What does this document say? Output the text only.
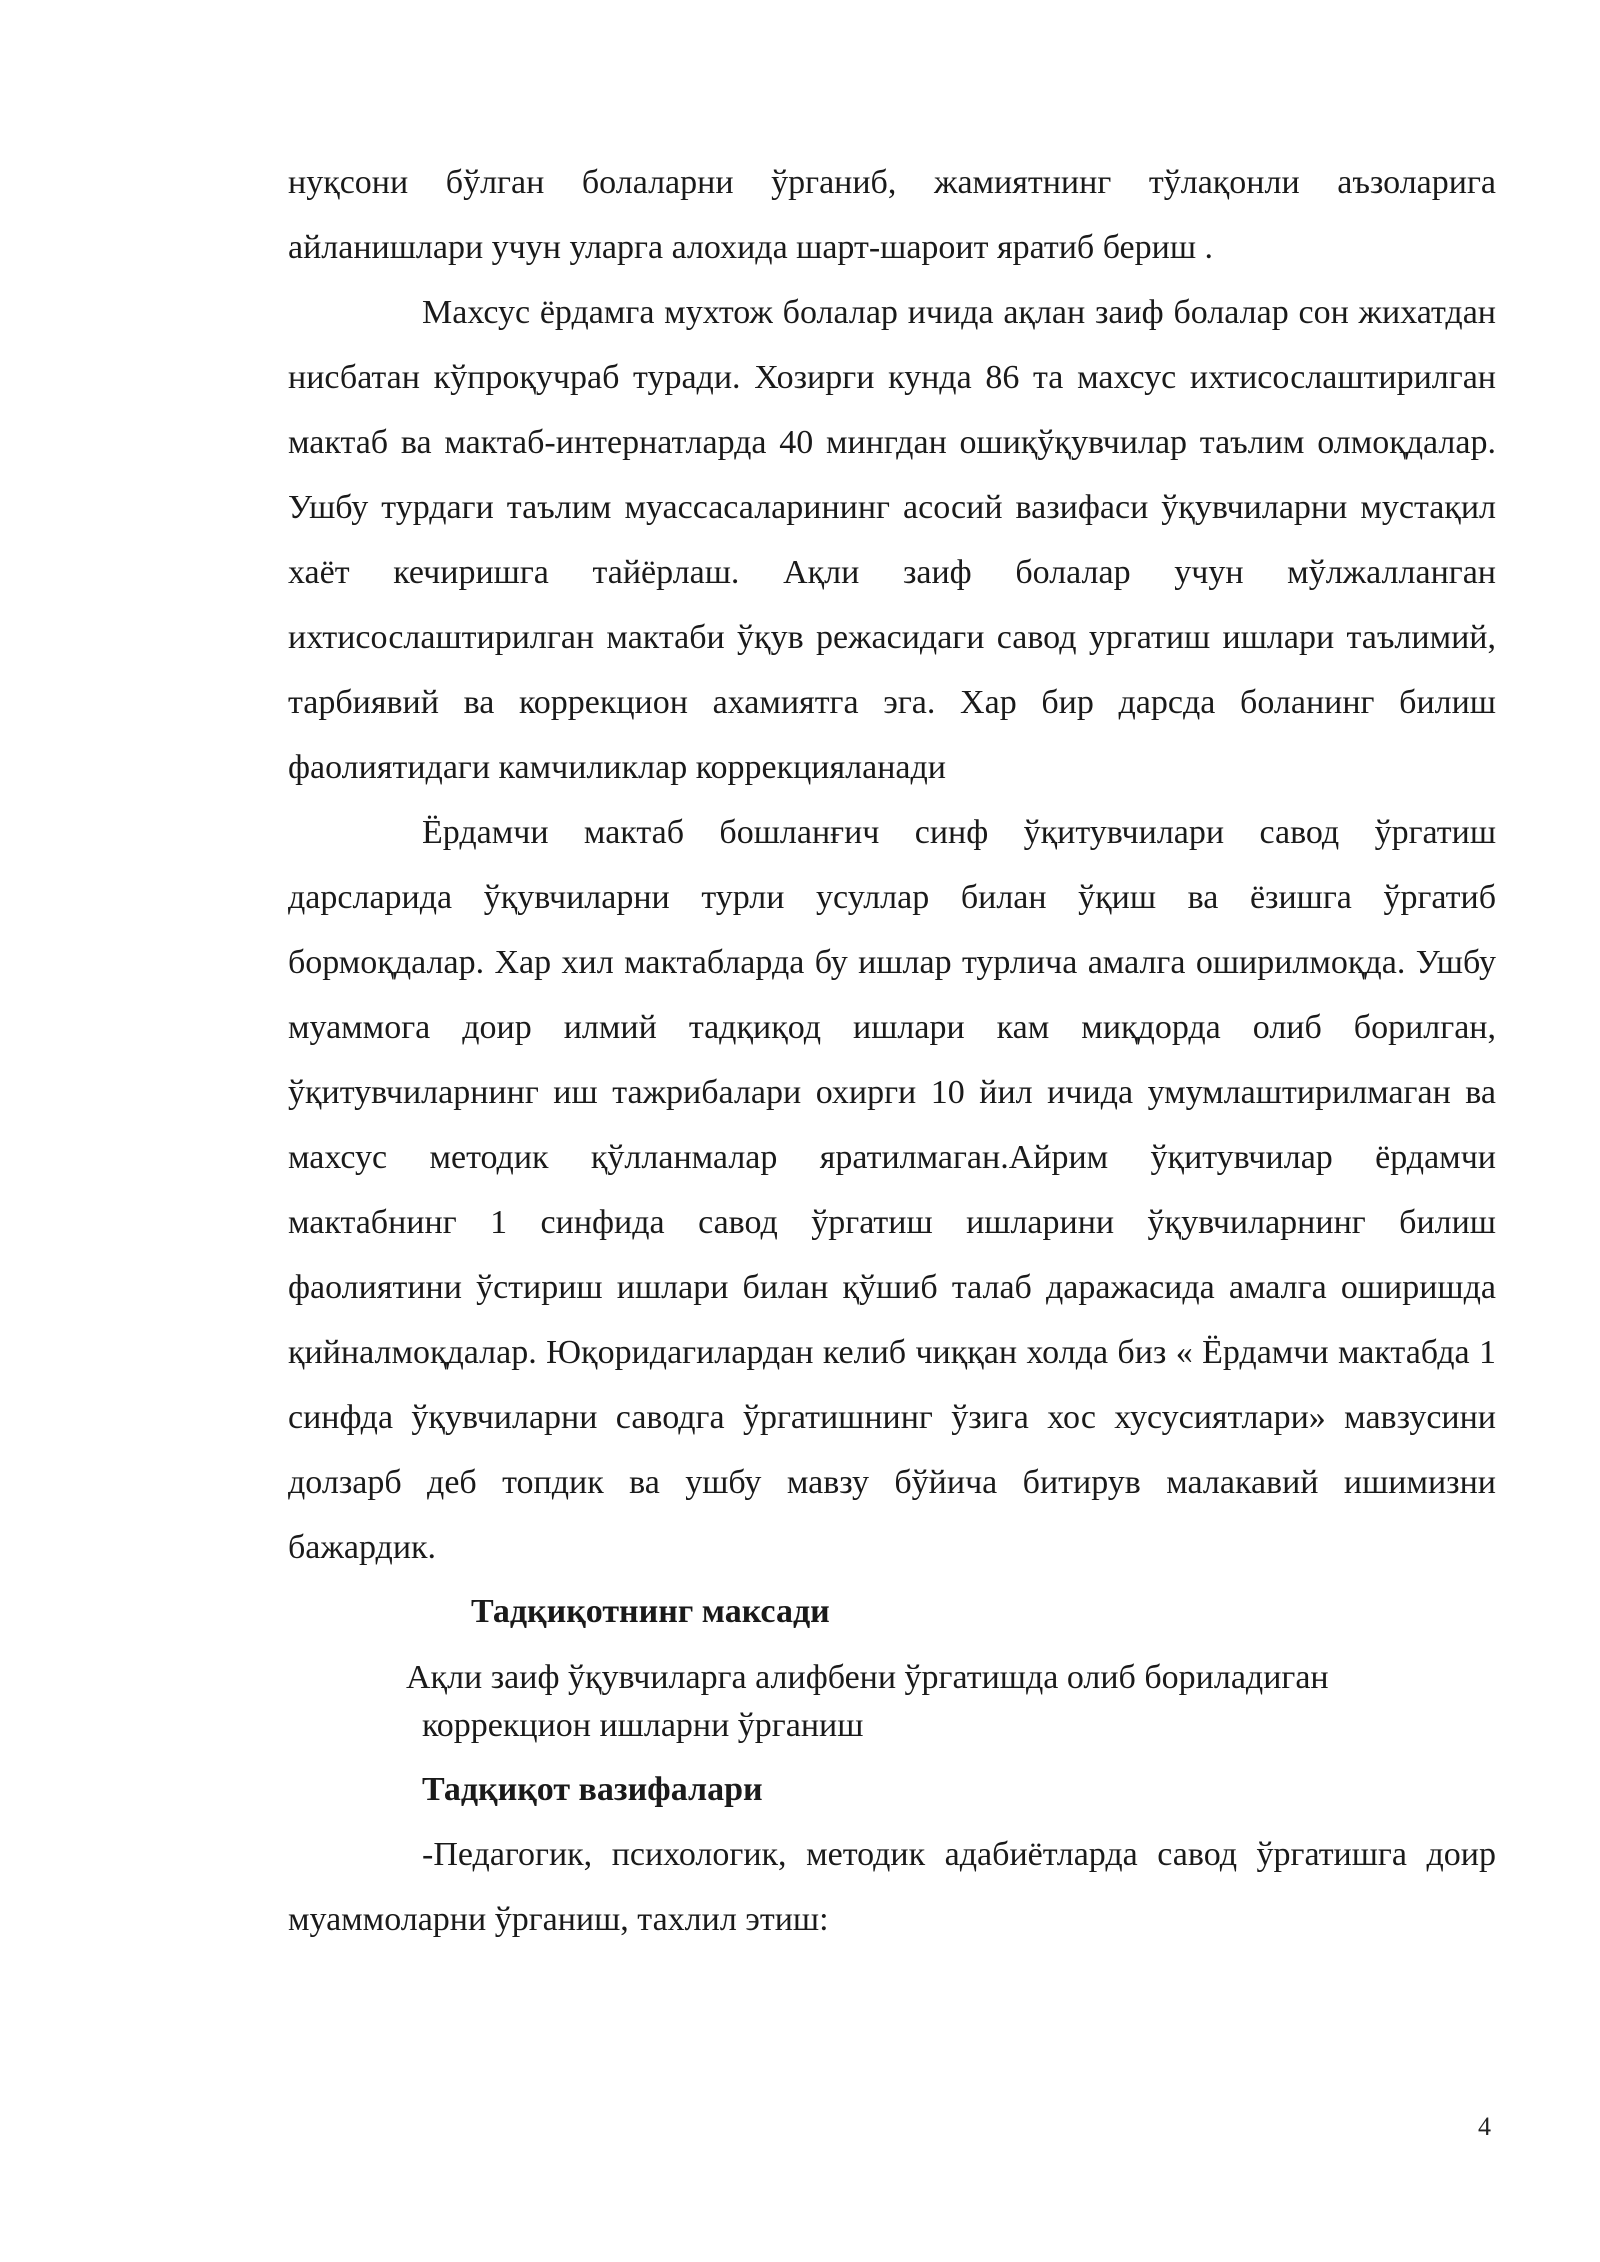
нуқсони бўлган болаларни ўрганиб, жамиятнинг тўлақонли аъзоларига айланишлари учун уларга алохида шарт-шароит яратиб бериш .

Махсус ёрдамга мухтож болалар ичида ақлан заиф болалар сон жихатдан нисбатан кўпроқучраб туради. Хозирги кунда 86 та махсус ихтисослаштирилган мактаб ва мактаб-интернатларда 40 мингдан ошиқўқувчилар таълим олмоқдалар. Ушбу турдаги таълим муассасаларининг асосий вазифаси ўқувчиларни мустақил хаёт кечиришга тайёрлаш. Ақли заиф болалар учун мўлжалланган ихтисослаштирилган мактаби ўқув режасидаги савод ургатиш ишлари таълимий, тарбиявий ва коррекцион ахамиятга эга. Хар бир дарсда боланинг билиш фаолиятидаги камчиликлар коррекцияланади

Ёрдамчи мактаб бошланғич синф ўқитувчилари савод ўргатиш дарсларида ўқувчиларни турли усуллар билан ўқиш ва ёзишга ўргатиб бормоқдалар. Хар хил мактабларда бу ишлар турлича амалга оширилмоқда. Ушбу муаммога доир илмий тадқиқод ишлари кам миқдорда олиб борилган, ўқитувчиларнинг иш тажрибалари охирги 10 йил ичида умумлаштирилмаган ва махсус методик қўлланмалар яратилмаган.Айрим ўқитувчилар ёрдамчи мактабнинг 1 синфида савод ўргатиш ишларини ўқувчиларнинг билиш фаолиятини ўстириш ишлари билан қўшиб талаб даражасида амалга оширишда қийналмоқдалар. Юқоридагилардан келиб чиққан холда биз « Ёрдамчи мактабда 1 синфда ўқувчиларни саводга ўргатишнинг ўзига хос хусусиятлари» мавзусини долзарб деб топдик ва ушбу мавзу бўйича битирув малакавий ишимизни бажардик.

Тадқиқотнинг максади

Ақли заиф ўқувчиларга алифбени ўргатишда олиб бориладиган
коррекцион ишларни ўрганиш

Тадқиқот вазифалари

-Педагогик, психологик, методик адабиётларда савод ўргатишга доир муаммоларни ўрганиш, тахлил этиш:

4
